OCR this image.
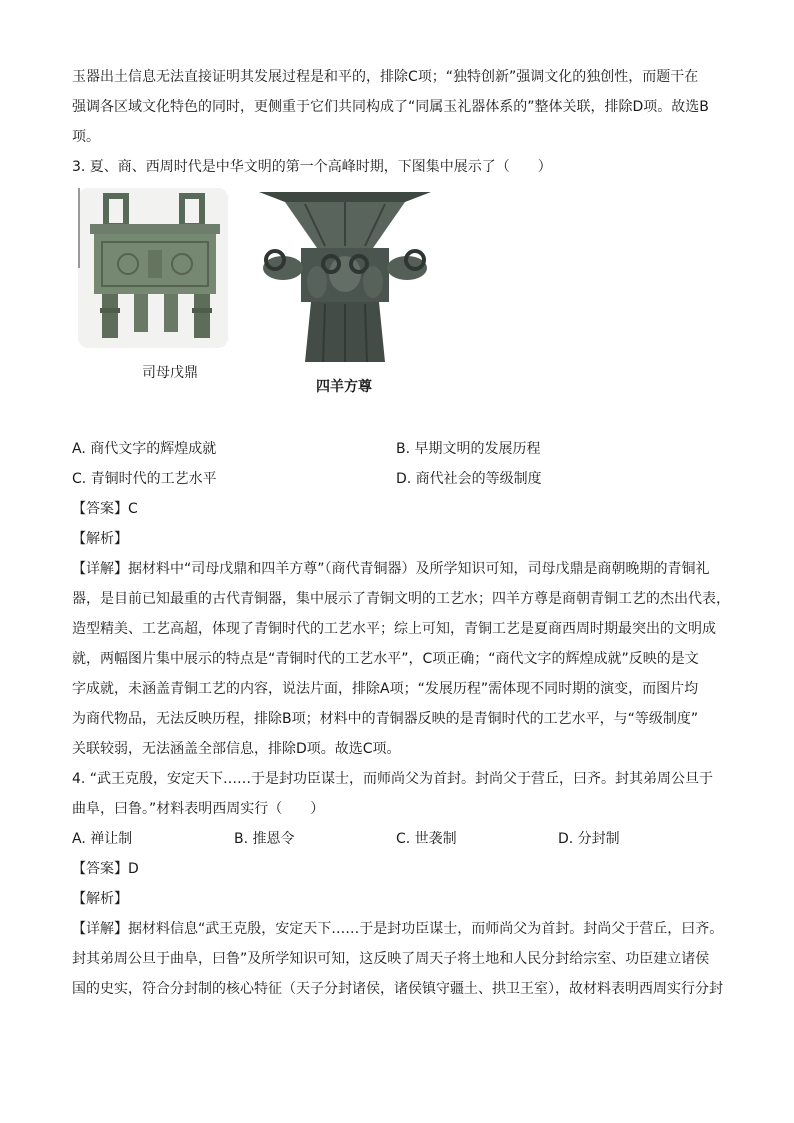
玉器出土信息无法直接证明其发展过程是和平的，排除C项；“独特创新”强调文化的独创性，而题干在
强调各区域文化特色的同时，更侧重于它们共同构成了“同属玉礼器体系的”整体关联，排除D项。故选B
项。
3. 夏、商、西周时代是中华文明的第一个高峰时期，下图集中展示了（　　）
司母戊鼎
四羊方尊
A. 商代文字的辉煌成就	B. 早期文明的发展历程
C. 青铜时代的工艺水平	D. 商代社会的等级制度
【答案】C
【解析】
【详解】据材料中“司母戊鼎和四羊方尊”（商代青铜器）及所学知识可知，司母戊鼎是商朝晚期的青铜礼
器，是目前已知最重的古代青铜器，集中展示了青铜文明的工艺水；四羊方尊是商朝青铜工艺的杰出代表，
造型精美、工艺高超，体现了青铜时代的工艺水平；综上可知，青铜工艺是夏商西周时期最突出的文明成
就，两幅图片集中展示的特点是“青铜时代的工艺水平”，C项正确；“商代文字的辉煌成就”反映的是文
字成就，未涵盖青铜工艺的内容，说法片面，排除A项；“发展历程”需体现不同时期的演变，而图片均
为商代物品，无法反映历程，排除B项；材料中的青铜器反映的是青铜时代的工艺水平，与“等级制度”
关联较弱，无法涵盖全部信息，排除D项。故选C项。
4. “武王克殷，安定天下……于是封功臣谋士，而师尚父为首封。封尚父于营丘，曰齐。封其弟周公旦于
曲阜，曰鲁。”材料表明西周实行（　　）
A. 禅让制	B. 推恩令	C. 世袭制	D. 分封制
【答案】D
【解析】
【详解】据材料信息“武王克殷，安定天下……于是封功臣谋士，而师尚父为首封。封尚父于营丘，曰齐。
封其弟周公旦于曲阜，曰鲁”及所学知识可知，这反映了周天子将土地和人民分封给宗室、功臣建立诸侯
国的史实，符合分封制的核心特征（天子分封诸侯，诸侯镇守疆土、拱卫王室），故材料表明西周实行分封
